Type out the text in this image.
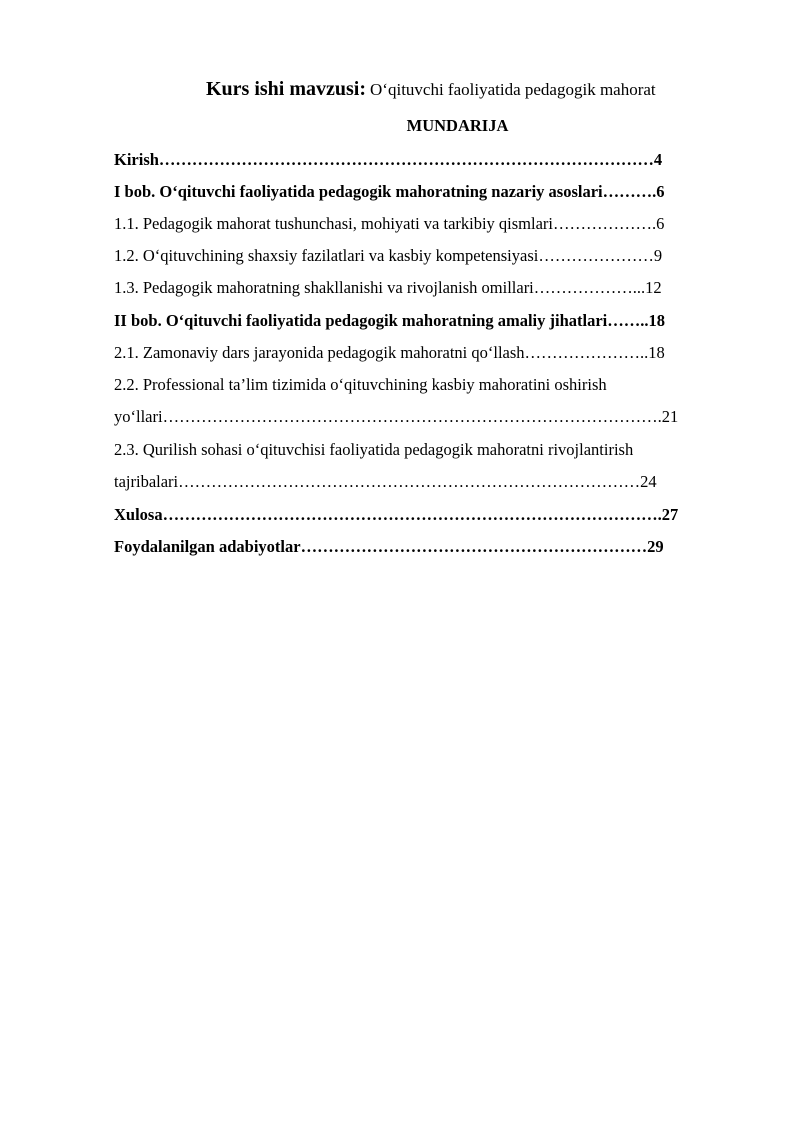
Kurs ishi mavzusi: O‘qituvchi faoliyatida pedagogik mahorat
MUNDARIJA
Kirish………………………………………………………………………………4
I bob. O‘qituvchi faoliyatida pedagogik mahoratning nazariy asoslari……….6
1.1. Pedagogik mahorat tushunchasi, mohiyati va tarkibiy qismlari……………….6
1.2. O‘qituvchining shaxsiy fazilatlari va kasbiy kompetensiyasi…………………9
1.3. Pedagogik mahoratning shakllanishi va rivojlanish omillari………………...12
II bob. O‘qituvchi faoliyatida pedagogik mahoratning amaliy jihatlari……..18
2.1. Zamonaviy dars jarayonida pedagogik mahoratni qo‘llash…………………..18
2.2. Professional ta’lim tizimida o‘qituvchining kasbiy mahoratini oshirish
yo‘llari……………………………………………………………………………….21
2.3. Qurilish sohasi o‘qituvchisi faoliyatida pedagogik mahoratni rivojlantirish
tajribalari…………………………………………………………………………24
Xulosa……………………………………………………………………………….27
Foydalanilgan adabiyotlar………………………………………………………29
